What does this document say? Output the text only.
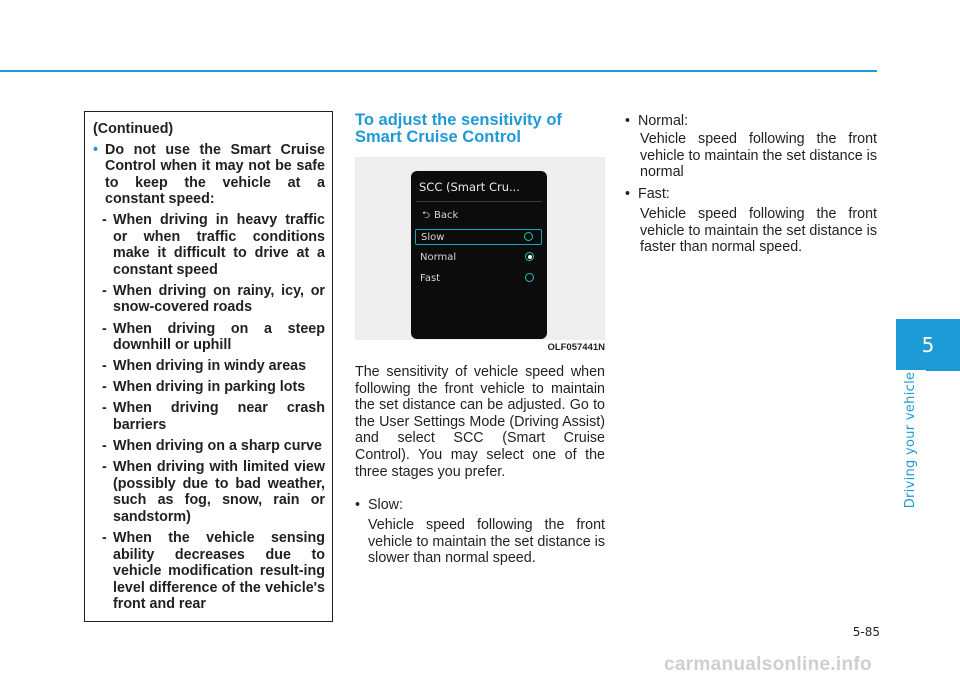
5
Driving your vehicle
(Continued)
• Do not use the Smart Cruise Control when it may not be safe to keep the vehicle at a constant speed:
- When driving in heavy traffic or when traffic conditions make it difficult to drive at a constant speed
- When driving on rainy, icy, or snow-covered roads
- When driving on a steep downhill or uphill
- When driving in windy areas
- When driving in parking lots
- When driving near crash barriers
- When driving on a sharp curve
- When driving with limited view (possibly due to bad weather, such as fog, snow, rain or sandstorm)
- When the vehicle sensing ability decreases due to vehicle modification result-ing level difference of the vehicle's front and rear
To adjust the sensitivity of Smart Cruise Control
SCC (Smart Cru...
⮌ Back
Slow
Normal
Fast
OLF057441N
The sensitivity of vehicle speed when following the front vehicle to maintain the set distance can be adjusted. Go to the User Settings Mode (Driving Assist) and select SCC (Smart Cruise Control). You may select one of the three stages you prefer.
• Slow:
Vehicle speed following the front vehicle to maintain the set distance is slower than normal speed.
• Normal:
Vehicle speed following the front vehicle to maintain the set distance is normal
• Fast:
Vehicle speed following the front vehicle to maintain the set distance is faster than normal speed.
5-85
carmanualsonline.info
